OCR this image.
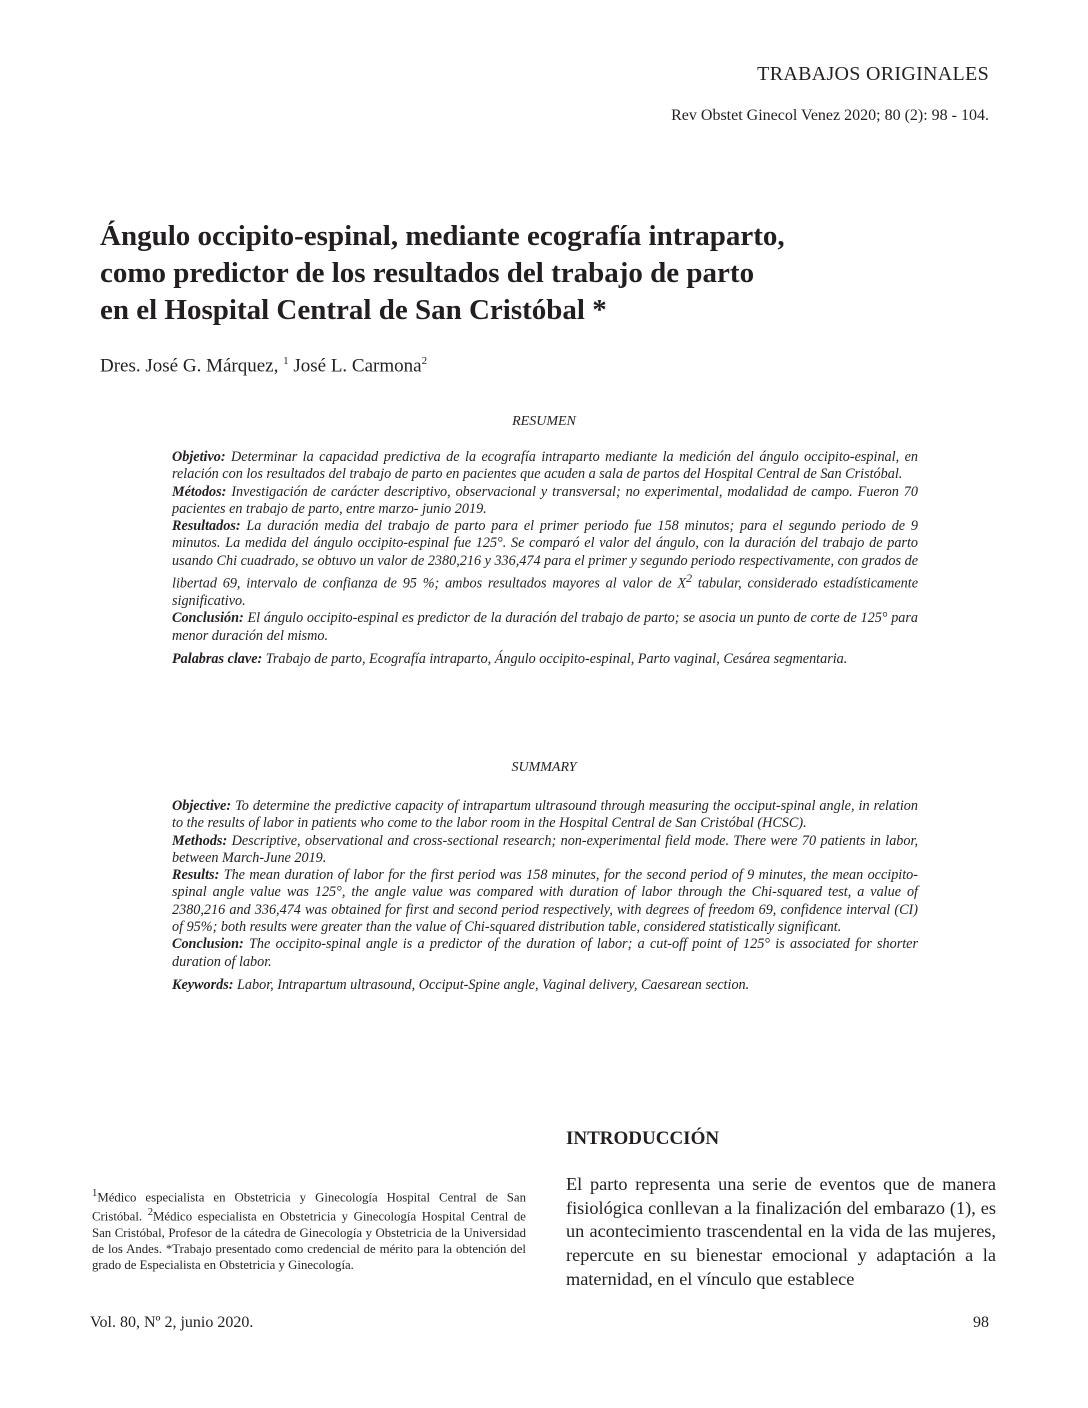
TRABAJOS ORIGINALES
Rev Obstet Ginecol Venez 2020; 80 (2): 98 - 104.
Ángulo occipito-espinal, mediante ecografía intraparto,
como predictor de los resultados del trabajo de parto
en el Hospital Central de San Cristóbal *
Dres. José G. Márquez, $^1$ José L. Carmona$^2$
RESUMEN

Objetivo: Determinar la capacidad predictiva de la ecografía intraparto mediante la medición del ángulo occipito-espinal, en relación con los resultados del trabajo de parto en pacientes que acuden a sala de partos del Hospital Central de San Cristóbal.

Métodos: Investigación de carácter descriptivo, observacional y transversal; no experimental, modalidad de campo. Fueron 70 pacientes en trabajo de parto, entre marzo- junio 2019.

Resultados: La duración media del trabajo de parto para el primer periodo fue 158 minutos; para el segundo periodo de 9 minutos. La medida del ángulo occipito-espinal fue 125°. Se comparó el valor del ángulo, con la duración del trabajo de parto usando Chi cuadrado, se obtuvo un valor de 2380,216 y 336,474 para el primer y segundo periodo respectivamente, con grados de libertad 69, intervalo de confianza de 95 %; ambos resultados mayores al valor de $X^2$ tabular, considerado estadísticamente significativo.

Conclusión: El ángulo occipito-espinal es predictor de la duración del trabajo de parto; se asocia un punto de corte de 125° para menor duración del mismo.

Palabras clave: Trabajo de parto, Ecografía intraparto, Ángulo occipito-espinal, Parto vaginal, Cesárea segmentaria.

SUMMARY

Objective: To determine the predictive capacity of intrapartum ultrasound through measuring the occiput-spinal angle, in relation to the results of labor in patients who come to the labor room in the Hospital Central de San Cristóbal (HCSC).

Methods: Descriptive, observational and cross-sectional research; non-experimental field mode. There were 70 patients in labor, between March-June 2019.

Results: The mean duration of labor for the first period was 158 minutes, for the second period of 9 minutes, the mean occipito-spinal angle value was 125°, the angle value was compared with duration of labor through the Chi-squared test, a value of 2380,216 and 336,474 was obtained for first and second period respectively, with degrees of freedom 69, confidence interval (CI) of 95%; both results were greater than the value of Chi-squared distribution table, considered statistically significant.

Conclusion: The occipito-spinal angle is a predictor of the duration of labor; a cut-off point of 125° is associated for shorter duration of labor.

Keywords: Labor, Intrapartum ultrasound, Occiput-Spine angle, Vaginal delivery, Caesarean section.

INTRODUCCIÓN

El parto representa una serie de eventos que de manera fisiológica conllevan a la finalización del embarazo (1), es un acontecimiento trascendental en la vida de las mujeres, repercute en su bienestar emocional y adaptación a la maternidad, en el vínculo que establece

$^1$Médico especialista en Obstetricia y Ginecología Hospital Central de San Cristóbal. $^2$Médico especialista en Obstetricia y Ginecología Hospital Central de San Cristóbal, Profesor de la cátedra de Ginecología y Obstetricia de la Universidad de los Andes. *Trabajo presentado como credencial de mérito para la obtención del grado de Especialista en Obstetricia y Ginecología.

Vol. 80, Nº 2, junio 2020.	98
